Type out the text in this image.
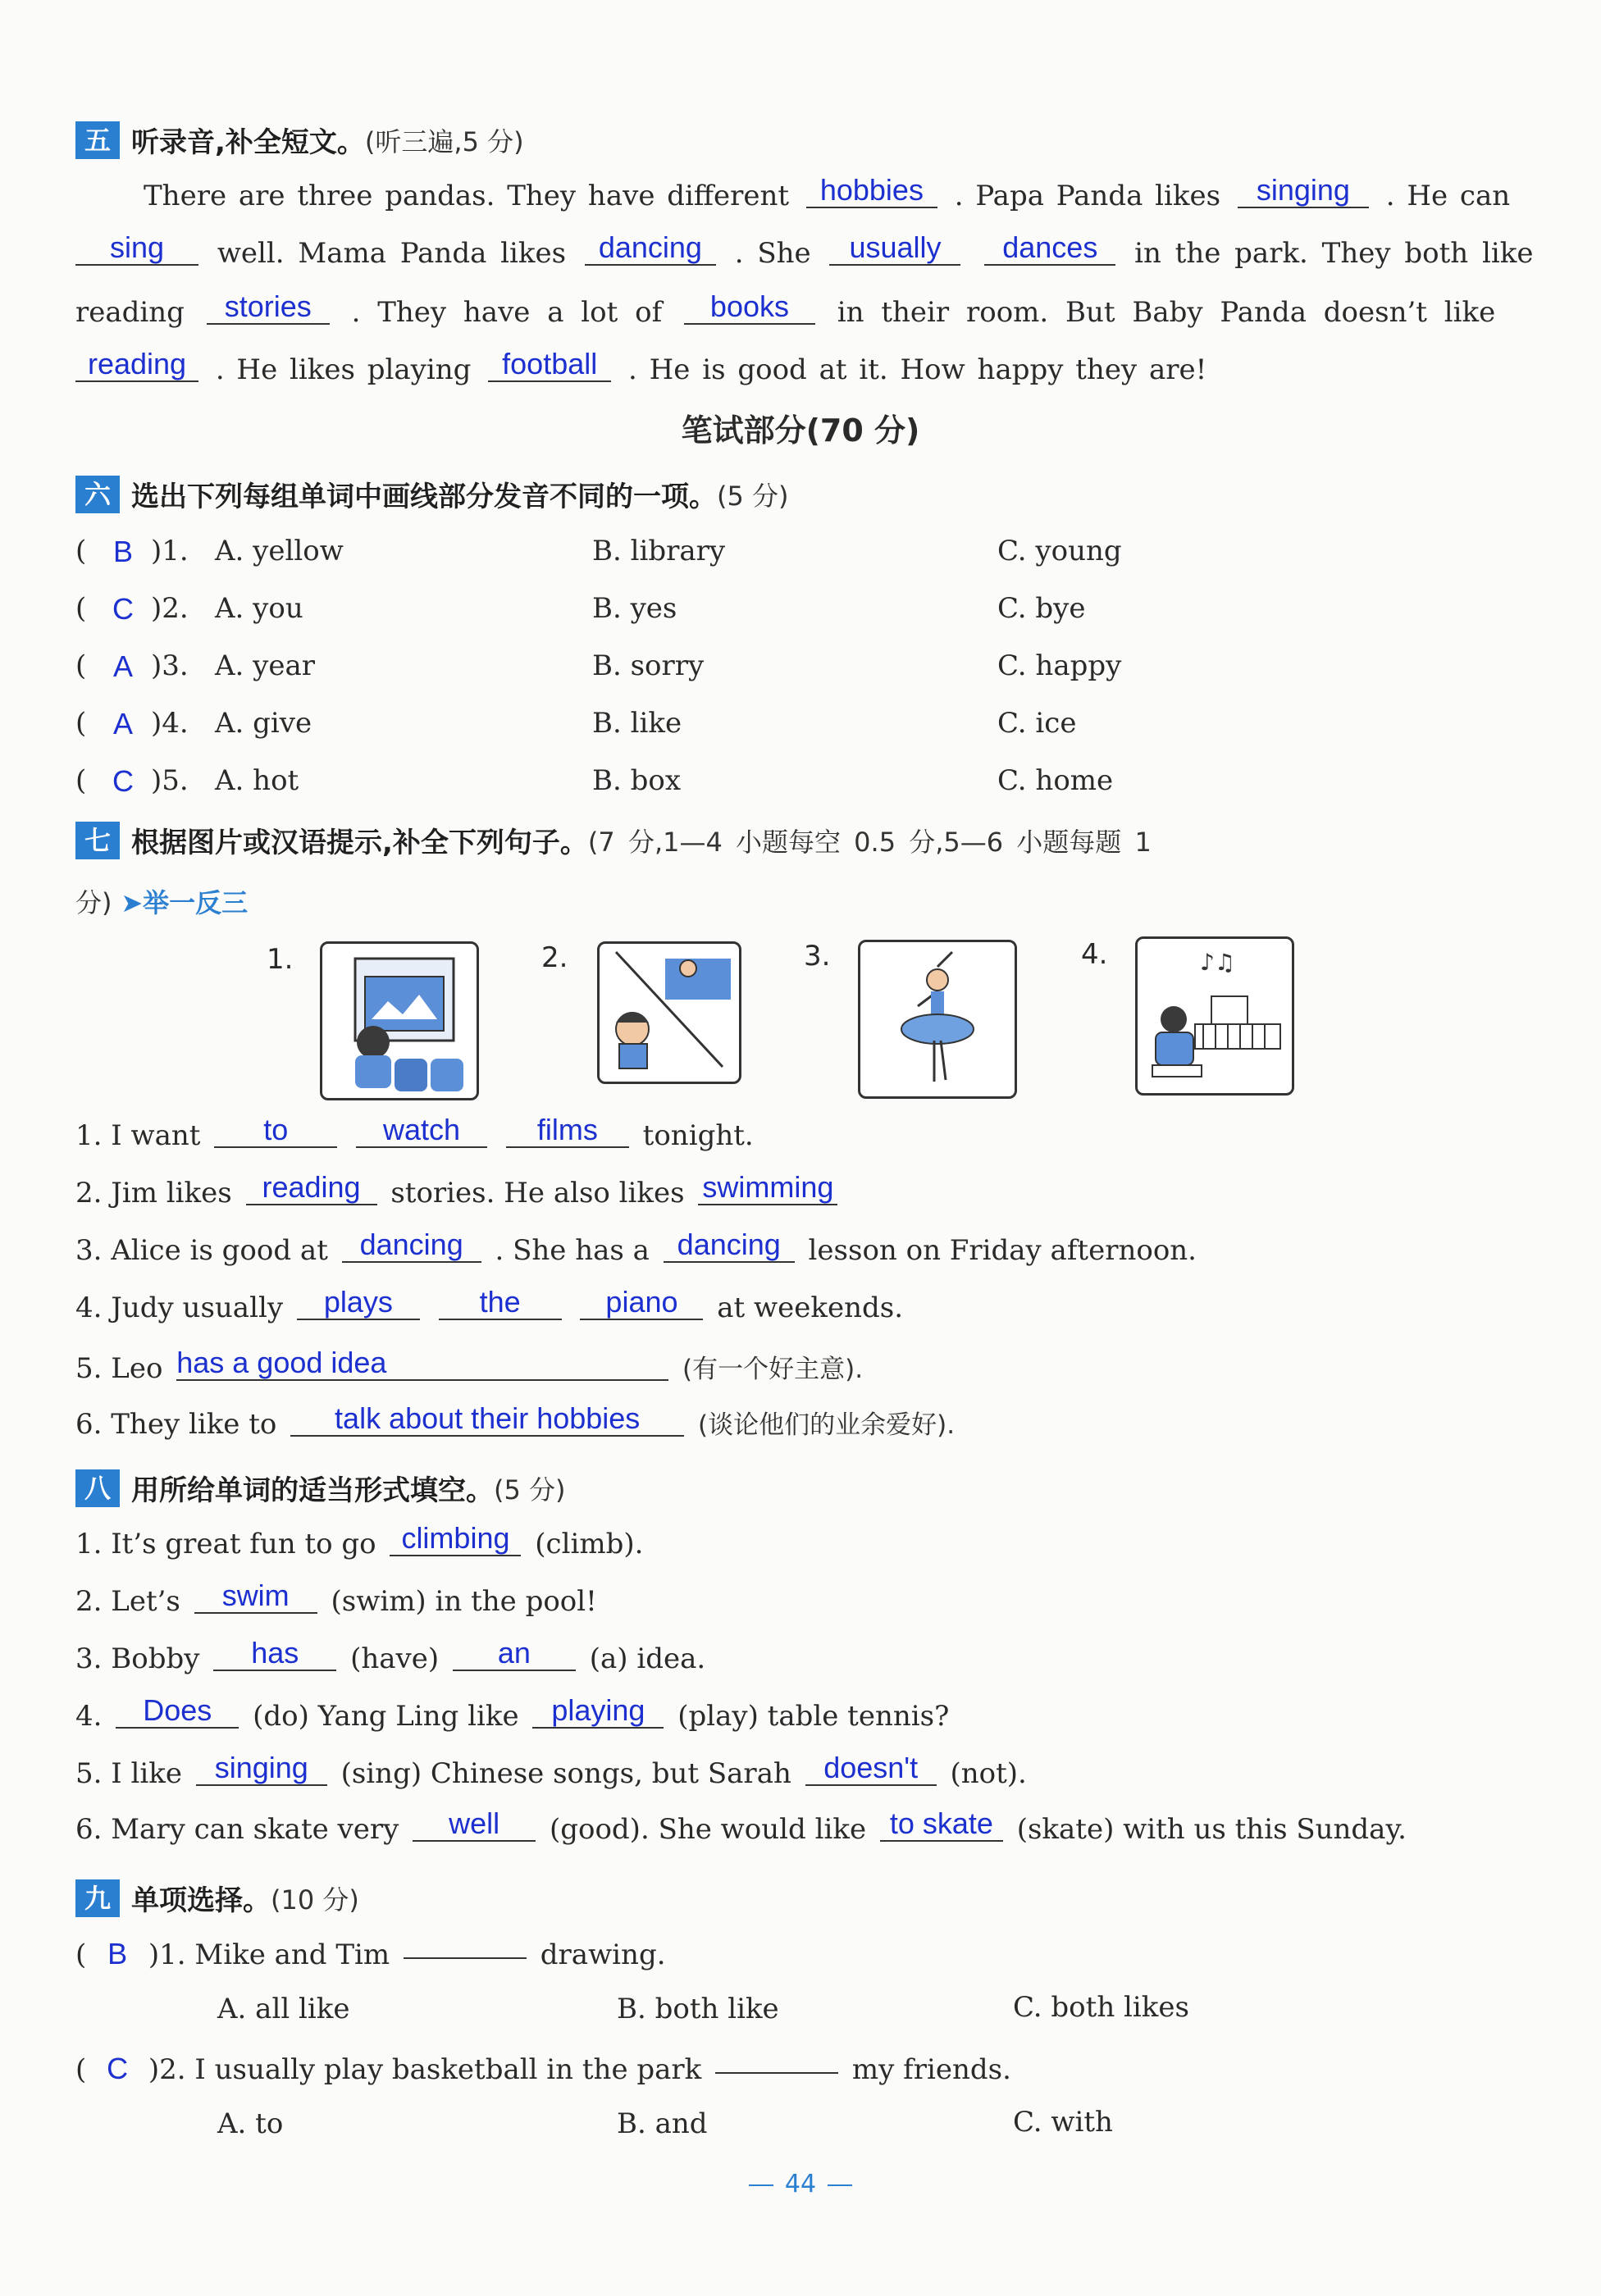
五 听录音,补全短文。 (听三遍,5 分)
There are three pandas. They have different hobbies . Papa Panda likes singing . He can
sing well. Mama Panda likes dancing . She usually dances in the park. They both like
reading stories . They have a lot of books in their room. But Baby Panda doesn’t like
reading . He likes playing football . He is good at it. How happy they are!
笔试部分(70 分)
六 选出下列每组单词中画线部分发音不同的一项。 (5 分)
( B )1. A. yellow	B. library	C. young
( C )2. A. you	B. yes	C. bye
( A )3. A. year	B. sorry	C. happy
( A )4. A. give	B. like	C. ice
( C )5. A. hot	B. box	C. home
七 根据图片或汉语提示,补全下列句子。 (7 分,1—4 小题每空 0.5 分,5—6 小题每题 1
分) ➤举一反三
1.	2.	3.	4.	♪♫
1. I want to	watch	films tonight.
2. Jim likes reading stories. He also likes swimming
3. Alice is good at dancing . She has a dancing lesson on Friday afternoon.
4. Judy usually plays	the	piano at weekends.
5. Leo has a good idea	(有一个好主意).
6. They like to talk about their hobbies (谈论他们的业余爱好).
八 用所给单词的适当形式填空。 (5 分)
1. It’s great fun to go climbing (climb).
2. Let’s swim (swim) in the pool!
3. Bobby has (have) an (a) idea.
4. Does (do) Yang Ling like playing (play) table tennis?
5. I like singing (sing) Chinese songs, but Sarah doesn't (not).
6. Mary can skate very well (good). She would like to skate (skate) with us this Sunday.
九 单项选择。 (10 分)
( B )1. Mike and Tim	drawing.
A. all like	B. both like	C. both likes
( C )2. I usually play basketball in the park	my friends.
A. to	B. and	C. with
44
